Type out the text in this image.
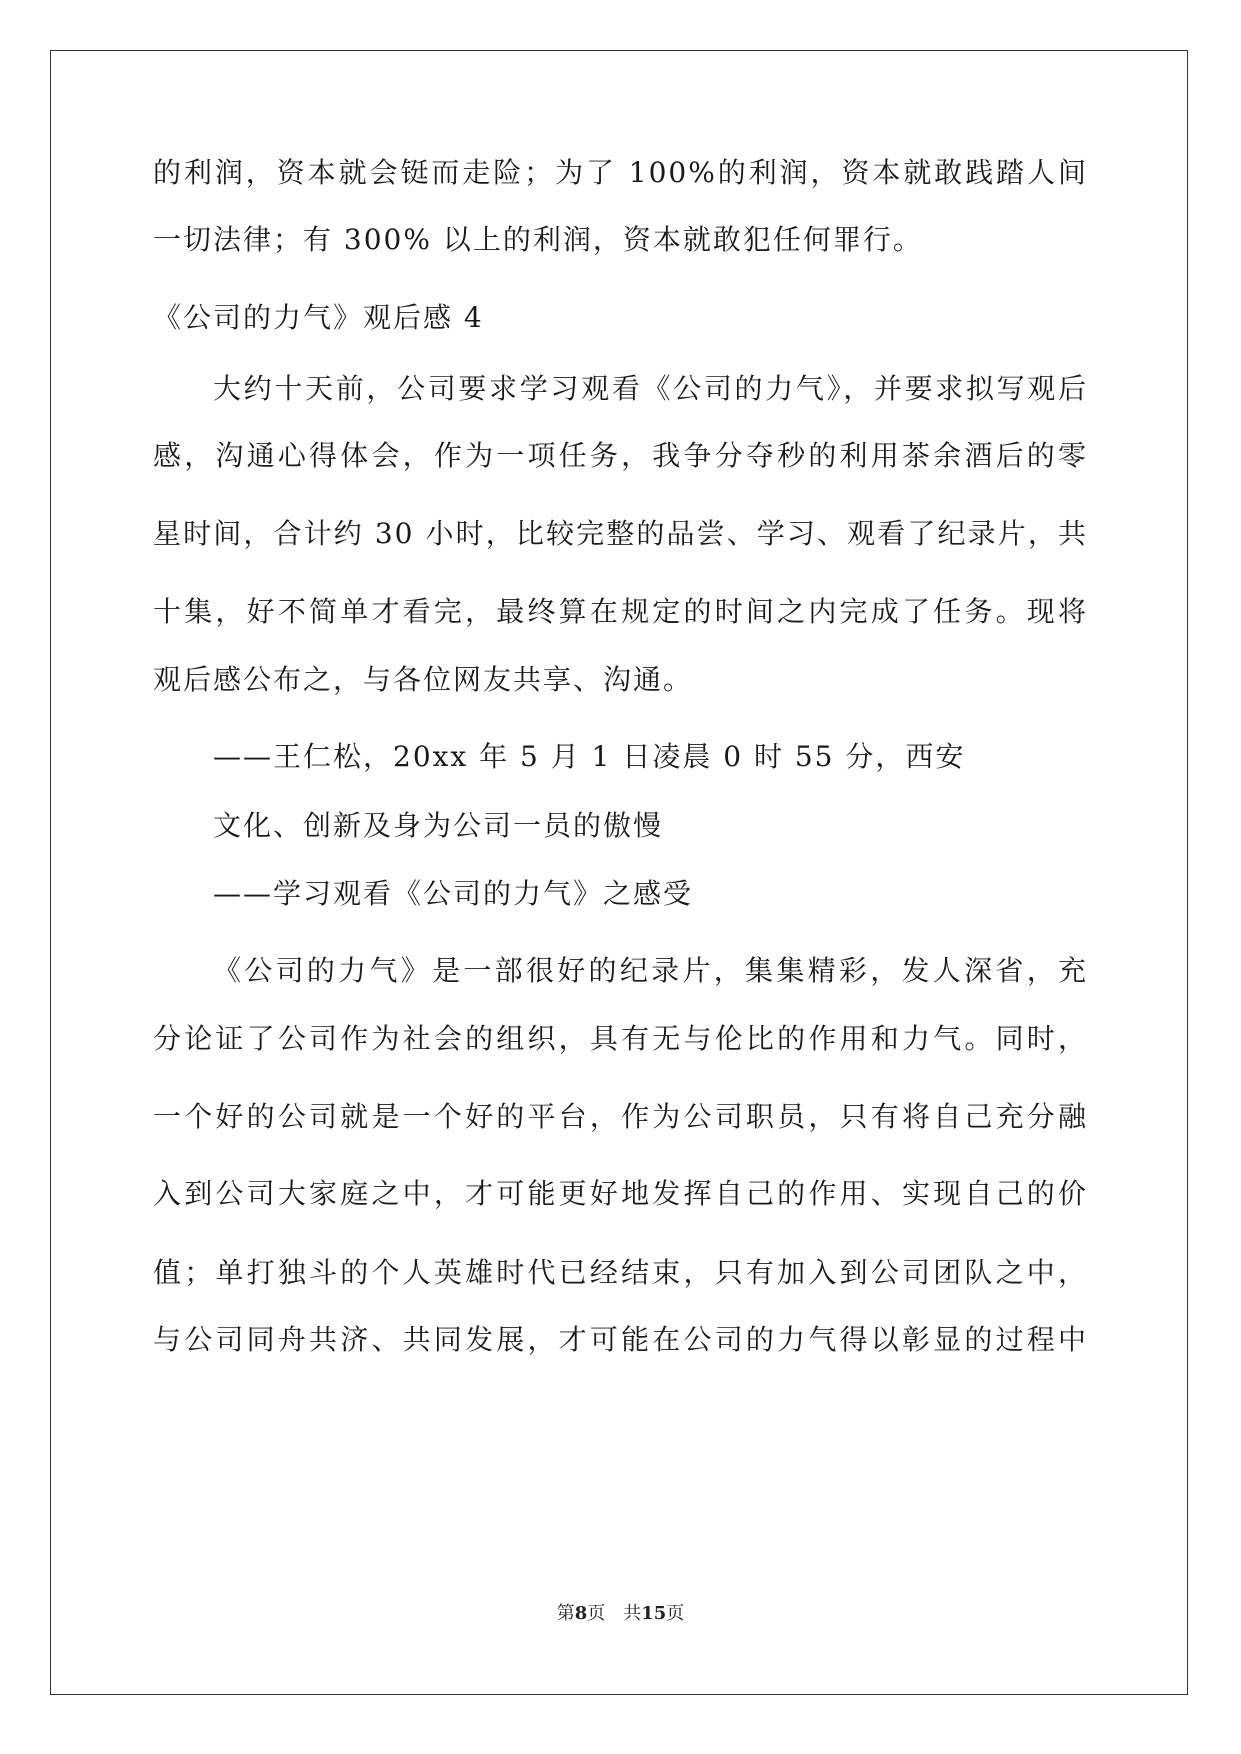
的利润，资本就会铤而走险；为了 100%的利润，资本就敢践踏人间
一切法律；有 300% 以上的利润，资本就敢犯任何罪行。
《公司的力气》观后感 4
大约十天前，公司要求学习观看《公司的力气》，并要求拟写观后
感，沟通心得体会，作为一项任务，我争分夺秒的利用茶余酒后的零
星时间，合计约 30 小时，比较完整的品尝、学习、观看了纪录片，共
十集，好不简单才看完，最终算在规定的时间之内完成了任务。现将
观后感公布之，与各位网友共享、沟通。
——王仁松，20xx 年 5 月 1 日凌晨 0 时 55 分，西安
文化、创新及身为公司一员的傲慢
——学习观看《公司的力气》之感受
《公司的力气》是一部很好的纪录片，集集精彩，发人深省，充
分论证了公司作为社会的组织，具有无与伦比的作用和力气。同时，
一个好的公司就是一个好的平台，作为公司职员，只有将自己充分融
入到公司大家庭之中，才可能更好地发挥自己的作用、实现自己的价
值；单打独斗的个人英雄时代已经结束，只有加入到公司团队之中，
与公司同舟共济、共同发展，才可能在公司的力气得以彰显的过程中
第8页 共15页
